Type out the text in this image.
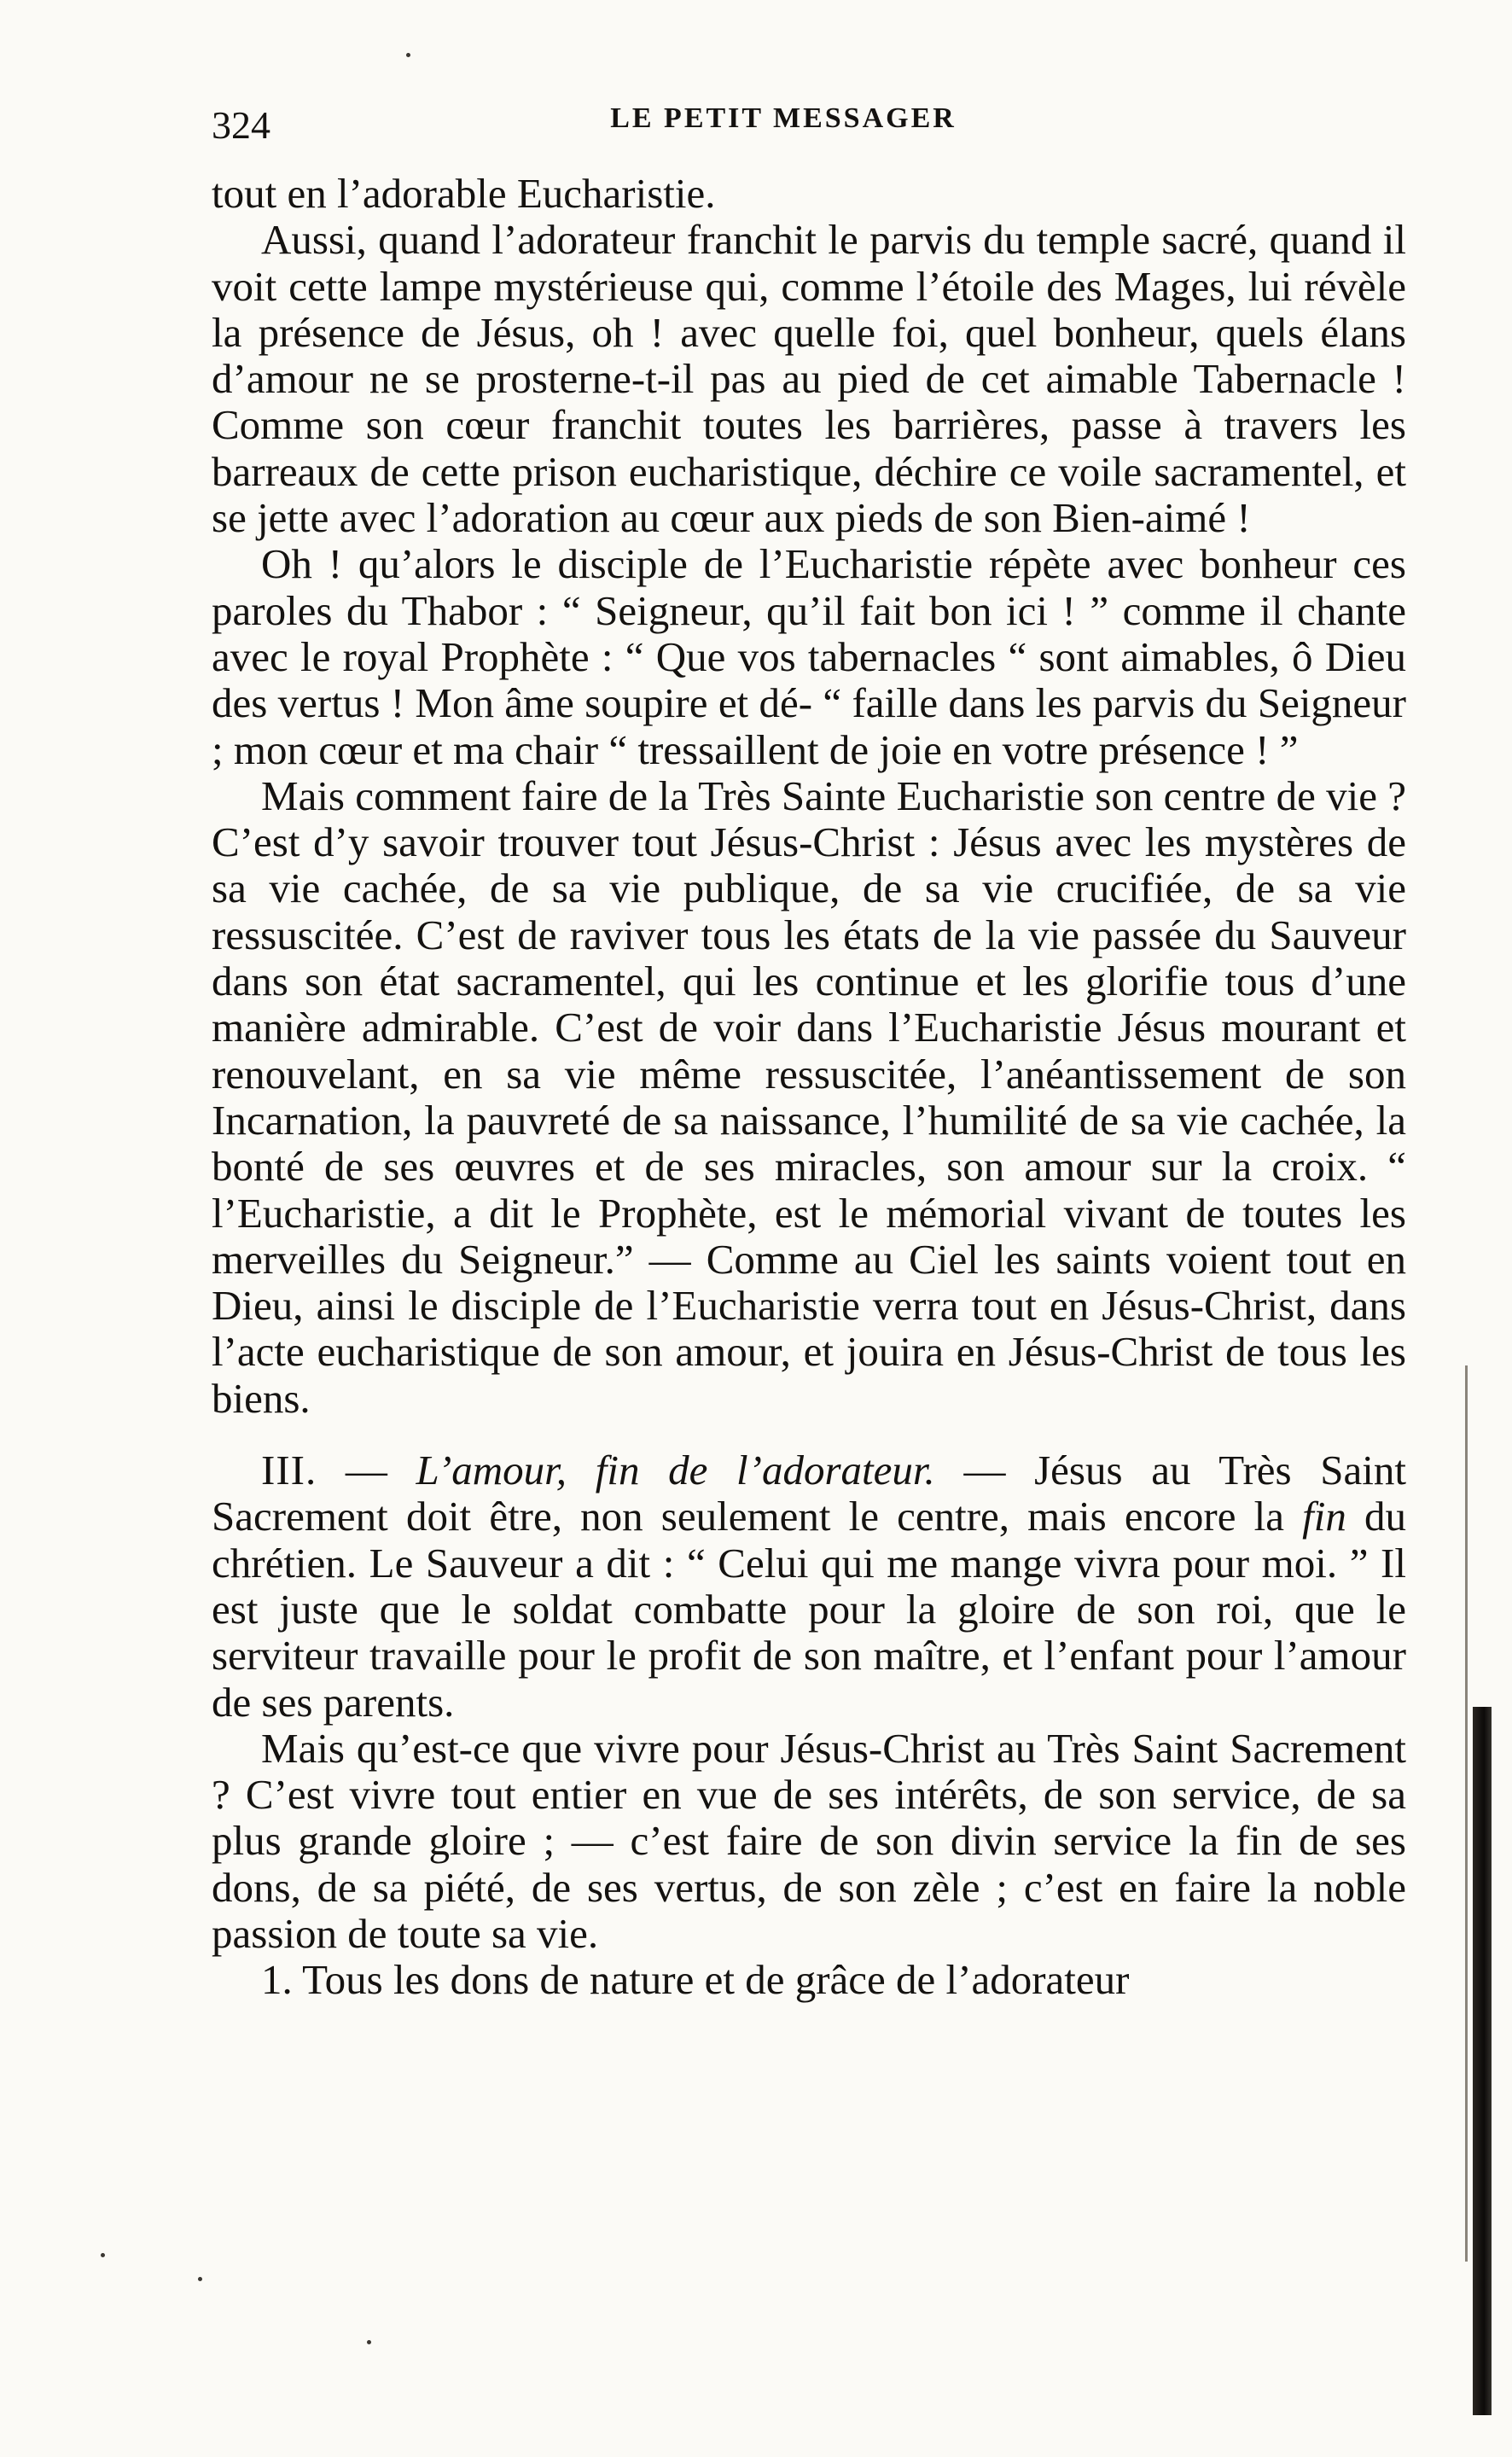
324	LE PETIT MESSAGER

tout en l’adorable Eucharistie.

Aussi, quand l’adorateur franchit le parvis du temple sacré, quand il voit cette lampe mystérieuse qui, comme l’étoile des Mages, lui révèle la présence de Jésus, oh ! avec quelle foi, quel bonheur, quels élans d’amour ne se prosterne-t-il pas au pied de cet aimable Tabernacle ! Comme son cœur franchit toutes les barrières, passe à travers les barreaux de cette prison eucharistique, déchire ce voile sacramentel, et se jette avec l’adoration au cœur aux pieds de son Bien-aimé !

Oh ! qu’alors le disciple de l’Eucharistie répète avec bonheur ces paroles du Thabor : “ Seigneur, qu’il fait bon ici ! ” comme il chante avec le royal Prophète : “ Que vos tabernacles “ sont aimables, ô Dieu des vertus ! Mon âme soupire et dé- “ faille dans les parvis du Seigneur ; mon cœur et ma chair “ tressaillent de joie en votre présence ! ”

Mais comment faire de la Très Sainte Eucharistie son centre de vie ? C’est d’y savoir trouver tout Jésus-Christ : Jésus avec les mystères de sa vie cachée, de sa vie publique, de sa vie crucifiée, de sa vie ressuscitée. C’est de raviver tous les états de la vie passée du Sauveur dans son état sacramentel, qui les continue et les glorifie tous d’une manière admirable. C’est de voir dans l’Eucharistie Jésus mourant et renouvelant, en sa vie même ressuscitée, l’anéantissement de son Incarnation, la pauvreté de sa naissance, l’humilité de sa vie cachée, la bonté de ses œuvres et de ses miracles, son amour sur la croix. “ l’Eucharistie, a dit le Prophète, est le mémorial vivant de toutes les merveilles du Seigneur.” — Comme au Ciel les saints voient tout en Dieu, ainsi le disciple de l’Eucharistie verra tout en Jésus-Christ, dans l’acte eucharistique de son amour, et jouira en Jésus-Christ de tous les biens.

III. — L’amour, fin de l’adorateur. — Jésus au Très Saint Sacrement doit être, non seulement le centre, mais encore la fin du chrétien. Le Sauveur a dit : “ Celui qui me mange vivra pour moi. ” Il est juste que le soldat combatte pour la gloire de son roi, que le serviteur travaille pour le profit de son maître, et l’enfant pour l’amour de ses parents.

Mais qu’est-ce que vivre pour Jésus-Christ au Très Saint Sacrement ? C’est vivre tout entier en vue de ses intérêts, de son service, de sa plus grande gloire ; — c’est faire de son divin service la fin de ses dons, de sa piété, de ses vertus, de son zèle ; c’est en faire la noble passion de toute sa vie.

1. Tous les dons de nature et de grâce de l’adorateur
